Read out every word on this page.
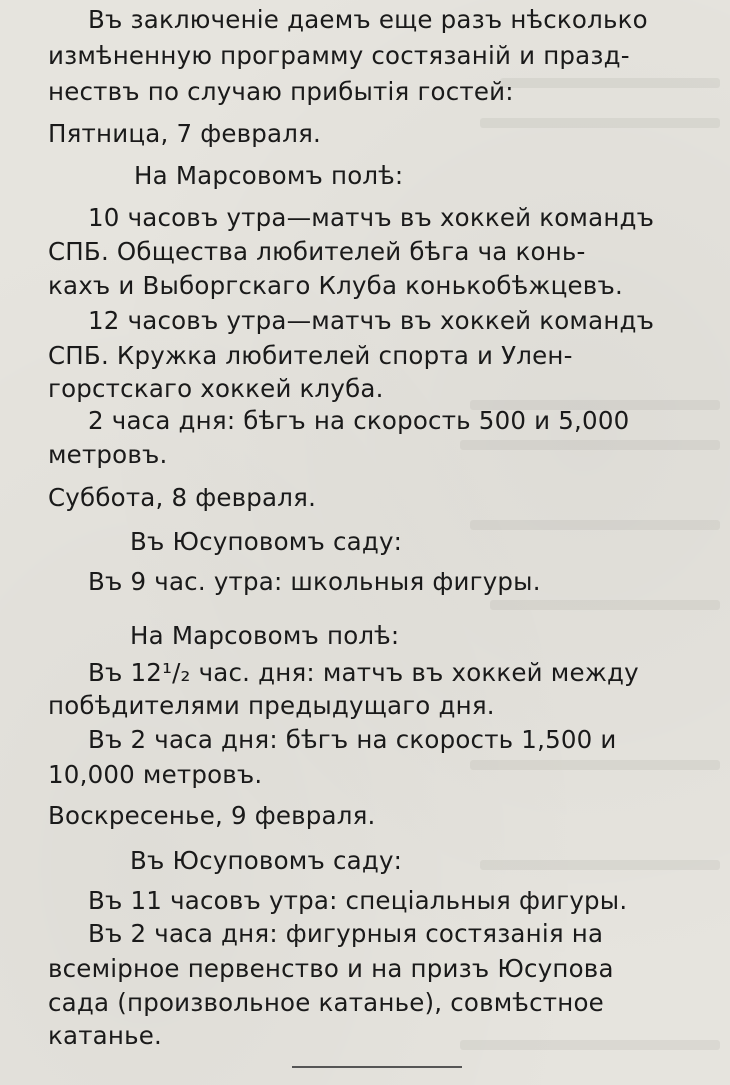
Въ заключенiе даемъ еще разъ нѣсколько
измѣненную программу состязанiй и празд-
нествъ по случаю прибытiя гостей:
Пятница, 7 февраля.
На Марсовомъ полѣ:
10 часовъ утра—матчъ въ хоккей командъ
СПБ. Общества любителей бѣга ча конь-
кахъ и Выборгскаго Клуба конькобѣжцевъ.
12 часовъ утра—матчъ въ хоккей командъ
СПБ. Кружка любителей спорта и Улен-
горстскаго хоккей клуба.
2 часа дня: бѣгъ на скорость 500 и 5,000
метровъ.
Суббота, 8 февраля.
Въ Юсуповомъ саду:
Въ 9 час. утра: школьныя фигуры.
На Марсовомъ полѣ:
Въ 12¹/₂ час. дня: матчъ въ хоккей между
побѣдителями предыдущаго дня.
Въ 2 часа дня: бѣгъ на скорость 1,500 и
10,000 метровъ.
Воскресенье, 9 февраля.
Въ Юсуповомъ саду:
Въ 11 часовъ утра: спецiальныя фигуры.
Въ 2 часа дня: фигурныя состязанiя на
всемiрное первенство и на призъ Юсупова
сада (произвольное катанье), совмѣстное
катанье.
